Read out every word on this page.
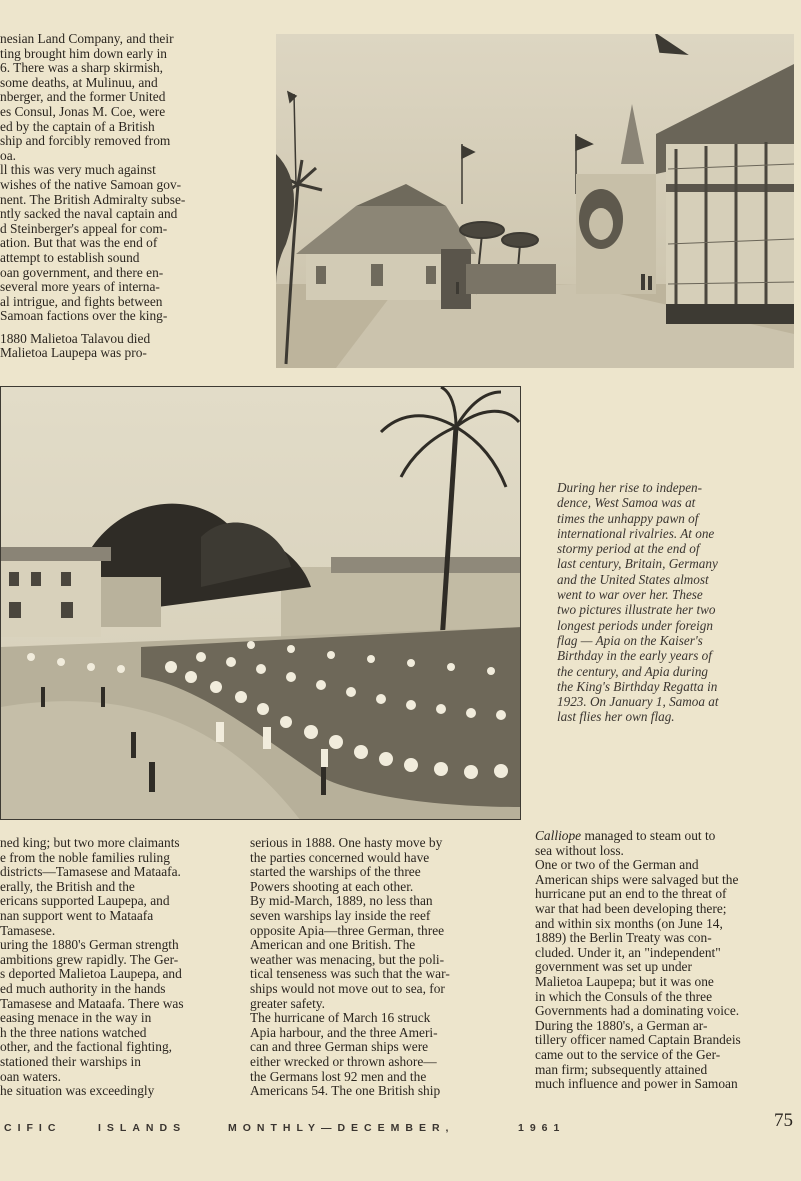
nesian Land Company, and their
ting brought him down early in
6. There was a sharp skirmish,
some deaths, at Mulinuu, and
nberger, and the former United
es Consul, Jonas M. Coe, were
ed by the captain of a British
ship and forcibly removed from
oa.
ll this was very much against
wishes of the native Samoan gov-
nent. The British Admiralty subse-
ntly sacked the naval captain and
d Steinberger's appeal for com-
ation. But that was the end of
attempt to establish sound
oan government, and there en-
several more years of interna-
al intrigue, and fights between
Samoan factions over the king-
1880 Malietoa Talavou died
Malietoa Laupepa was pro-
During her rise to indepen-
dence, West Samoa was at
times the unhappy pawn of
international rivalries. At one
stormy period at the end of
last century, Britain, Germany
and the United States almost
went to war over her. These
two pictures illustrate her two
longest periods under foreign
flag — Apia on the Kaiser's
Birthday in the early years of
the century, and Apia during
the King's Birthday Regatta in
1923. On January 1, Samoa at
last flies her own flag.
ned king; but two more claimants
e from the noble families ruling
districts—Tamasese and Mataafa.
erally, the British and the
ericans supported Laupepa, and
nan support went to Mataafa
Tamasese.
uring the 1880's German strength
ambitions grew rapidly. The Ger-
s deported Malietoa Laupepa, and
ed much authority in the hands
Tamasese and Mataafa. There was
easing menace in the way in
h the three nations watched
other, and the factional fighting,
stationed their warships in
oan waters.
he situation was exceedingly
serious in 1888. One hasty move by
the parties concerned would have
started the warships of the three
Powers shooting at each other.
By mid-March, 1889, no less than
seven warships lay inside the reef
opposite Apia—three German, three
American and one British. The
weather was menacing, but the poli-
tical tenseness was such that the war-
ships would not move out to sea, for
greater safety.
The hurricane of March 16 struck
Apia harbour, and the three Ameri-
can and three German ships were
either wrecked or thrown ashore—
the Germans lost 92 men and the
Americans 54. The one British ship
Calliope managed to steam out to
sea without loss.
One or two of the German and
American ships were salvaged but the
hurricane put an end to the threat of
war that had been developing there;
and within six months (on June 14,
1889) the Berlin Treaty was con-
cluded. Under it, an "independent"
government was set up under
Malietoa Laupepa; but it was one
in which the Consuls of the three
Governments had a dominating voice.
During the 1880's, a German ar-
tillery officer named Captain Brandeis
came out to the service of the Ger-
man firm; subsequently attained
much influence and power in Samoan
CIFIC	ISLANDS	MONTHLY—DECEMBER,	1961	75
